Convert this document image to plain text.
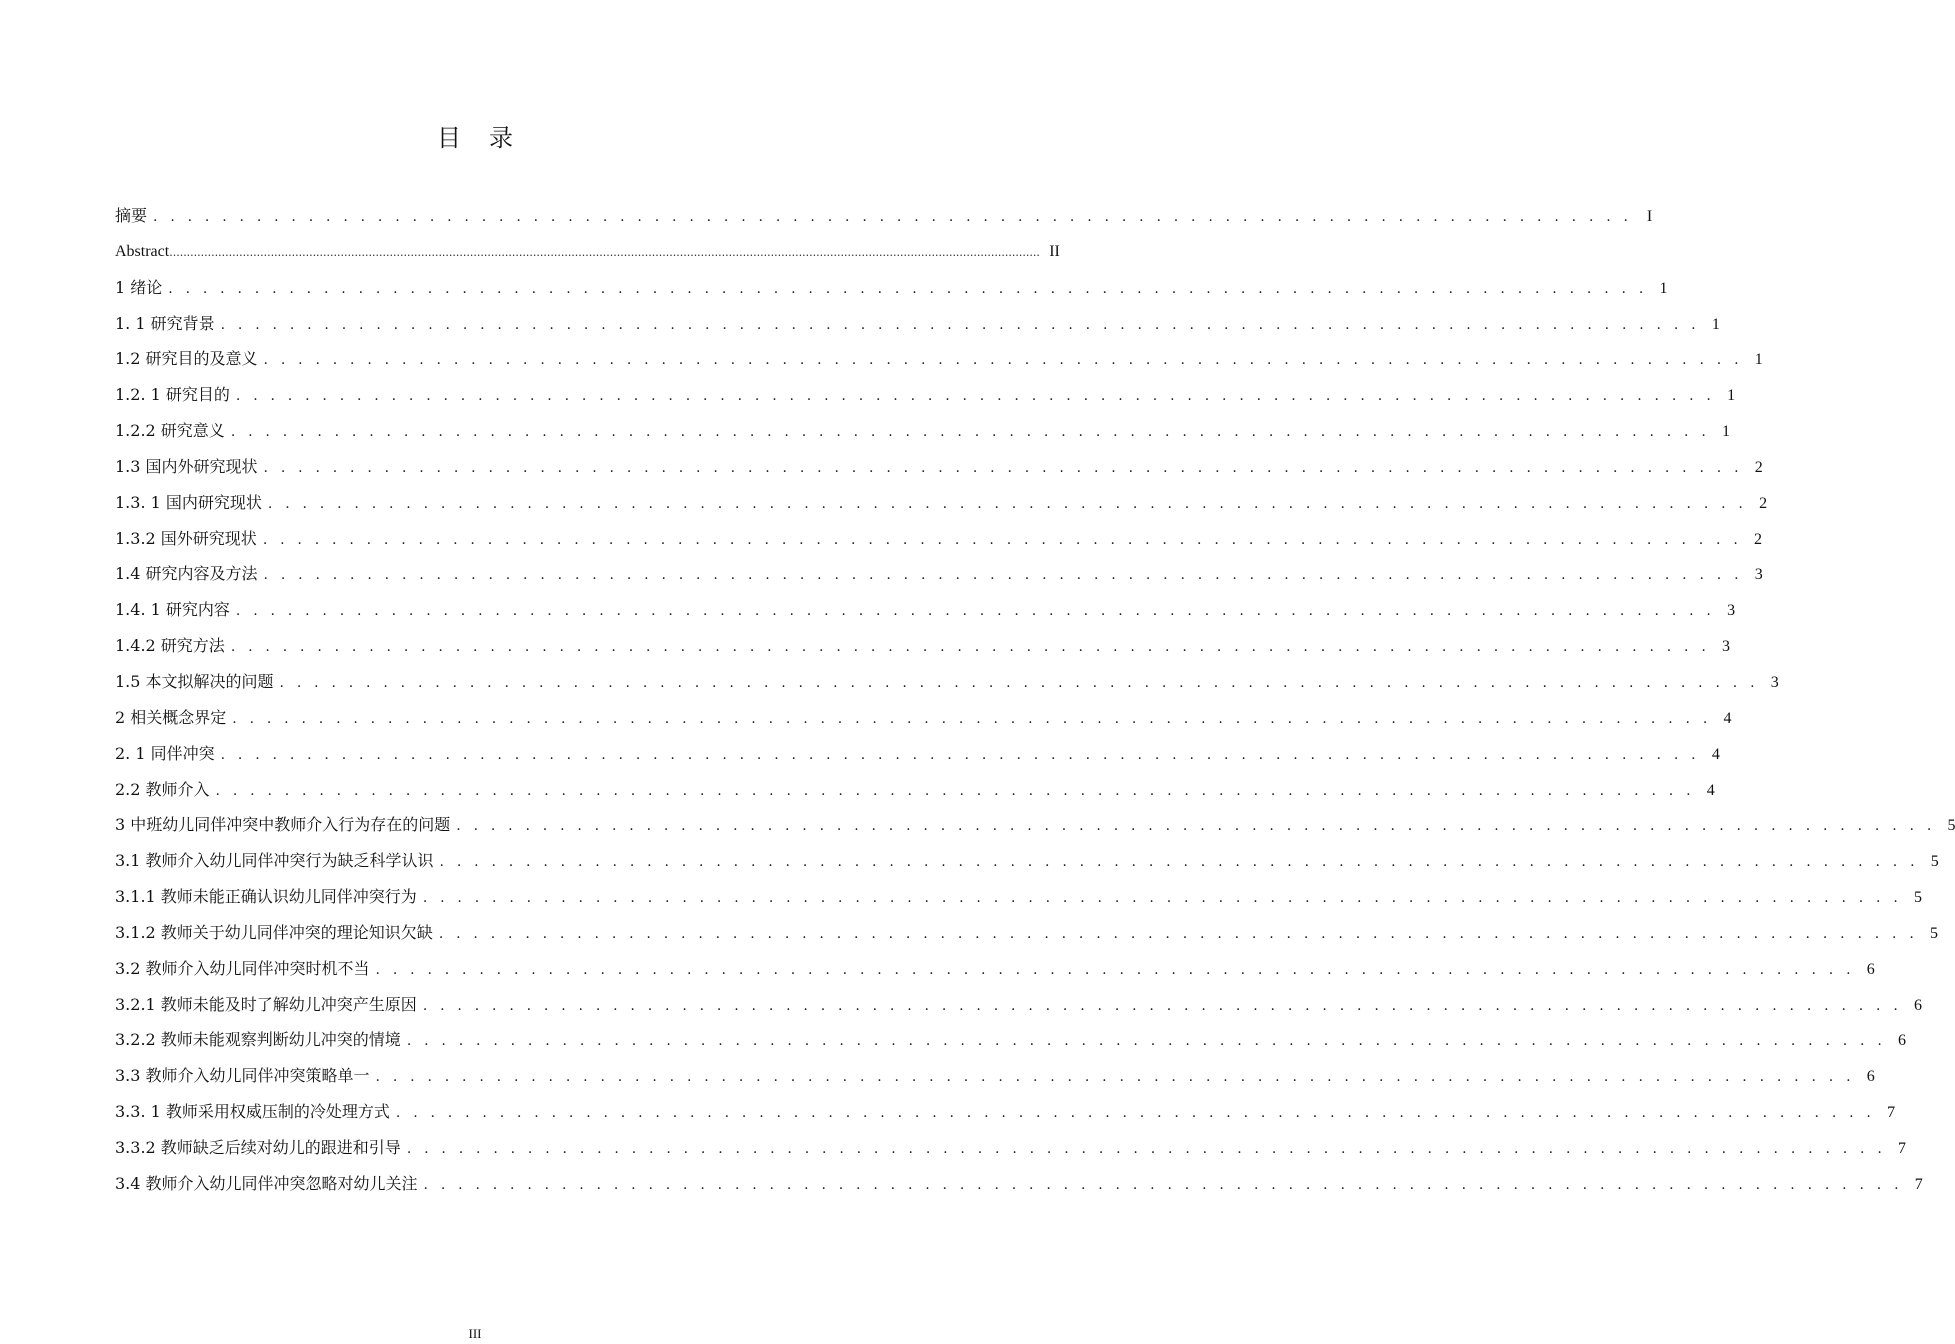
目录
摘要 . . . . . . . . . . . . . . . . . . . . . . . . . . . . . . . . . . . . . . . . . . . . . . . . . . . . . . . . . . . . . . . . . . . . . . . . . . . . . . . . . . . . . . I
Abstract ......................................................................................................................................................................................................................................................... II
1 绪论 . . . . . . . . . . . . . . . . . . . . . . . . . . . . . . . . . . . . . . . . . . . . . . . . . . . . . . . . . . . . . . . . . . . . . . . . . . . . . . . . . . . . . . 1
1. 1 研究背景 . . . . . . . . . . . . . . . . . . . . . . . . . . . . . . . . . . . . . . . . . . . . . . . . . . . . . . . . . . . . . . . . . . . . . . . . . . . . . . . . . . . . . . 1
1.2 研究目的及意义 . . . . . . . . . . . . . . . . . . . . . . . . . . . . . . . . . . . . . . . . . . . . . . . . . . . . . . . . . . . . . . . . . . . . . . . . . . . . . . . . . . . . . . 1
1.2. 1 研究目的 . . . . . . . . . . . . . . . . . . . . . . . . . . . . . . . . . . . . . . . . . . . . . . . . . . . . . . . . . . . . . . . . . . . . . . . . . . . . . . . . . . . . . . 1
1.2.2 研究意义 . . . . . . . . . . . . . . . . . . . . . . . . . . . . . . . . . . . . . . . . . . . . . . . . . . . . . . . . . . . . . . . . . . . . . . . . . . . . . . . . . . . . . . 1
1.3 国内外研究现状 . . . . . . . . . . . . . . . . . . . . . . . . . . . . . . . . . . . . . . . . . . . . . . . . . . . . . . . . . . . . . . . . . . . . . . . . . . . . . . . . . . . . . . 2
1.3. 1 国内研究现状 . . . . . . . . . . . . . . . . . . . . . . . . . . . . . . . . . . . . . . . . . . . . . . . . . . . . . . . . . . . . . . . . . . . . . . . . . . . . . . . . . . . . . . 2
1.3.2 国外研究现状 . . . . . . . . . . . . . . . . . . . . . . . . . . . . . . . . . . . . . . . . . . . . . . . . . . . . . . . . . . . . . . . . . . . . . . . . . . . . . . . . . . . . . . 2
1.4 研究内容及方法 . . . . . . . . . . . . . . . . . . . . . . . . . . . . . . . . . . . . . . . . . . . . . . . . . . . . . . . . . . . . . . . . . . . . . . . . . . . . . . . . . . . . . . 3
1.4. 1 研究内容 . . . . . . . . . . . . . . . . . . . . . . . . . . . . . . . . . . . . . . . . . . . . . . . . . . . . . . . . . . . . . . . . . . . . . . . . . . . . . . . . . . . . . . 3
1.4.2 研究方法 . . . . . . . . . . . . . . . . . . . . . . . . . . . . . . . . . . . . . . . . . . . . . . . . . . . . . . . . . . . . . . . . . . . . . . . . . . . . . . . . . . . . . . 3
1.5 本文拟解决的问题 . . . . . . . . . . . . . . . . . . . . . . . . . . . . . . . . . . . . . . . . . . . . . . . . . . . . . . . . . . . . . . . . . . . . . . . . . . . . . . . . . . . . . . 3
2 相关概念界定 . . . . . . . . . . . . . . . . . . . . . . . . . . . . . . . . . . . . . . . . . . . . . . . . . . . . . . . . . . . . . . . . . . . . . . . . . . . . . . . . . . . . . . 4
2. 1 同伴冲突 . . . . . . . . . . . . . . . . . . . . . . . . . . . . . . . . . . . . . . . . . . . . . . . . . . . . . . . . . . . . . . . . . . . . . . . . . . . . . . . . . . . . . . 4
2.2 教师介入 . . . . . . . . . . . . . . . . . . . . . . . . . . . . . . . . . . . . . . . . . . . . . . . . . . . . . . . . . . . . . . . . . . . . . . . . . . . . . . . . . . . . . . 4
3 中班幼儿同伴冲突中教师介入行为存在的问题 . . . . . . . . . . . . . . . . . . . . . . . . . . . . . . . . . . . . . . . . . . . . . . . . . . . . . . . . . . . . . . . . . . . . . . . . . . . . . . . . . . . . . . 5
3.1 教师介入幼儿同伴冲突行为缺乏科学认识 . . . . . . . . . . . . . . . . . . . . . . . . . . . . . . . . . . . . . . . . . . . . . . . . . . . . . . . . . . . . . . . . . . . . . . . . . . . . . . . . . . . . . . 5
3.1.1 教师未能正确认识幼儿同伴冲突行为 . . . . . . . . . . . . . . . . . . . . . . . . . . . . . . . . . . . . . . . . . . . . . . . . . . . . . . . . . . . . . . . . . . . . . . . . . . . . . . . . . . . . . . 5
3.1.2 教师关于幼儿同伴冲突的理论知识欠缺 . . . . . . . . . . . . . . . . . . . . . . . . . . . . . . . . . . . . . . . . . . . . . . . . . . . . . . . . . . . . . . . . . . . . . . . . . . . . . . . . . . . . . . 5
3.2 教师介入幼儿同伴冲突时机不当 . . . . . . . . . . . . . . . . . . . . . . . . . . . . . . . . . . . . . . . . . . . . . . . . . . . . . . . . . . . . . . . . . . . . . . . . . . . . . . . . . . . . . . 6
3.2.1 教师未能及时了解幼儿冲突产生原因 . . . . . . . . . . . . . . . . . . . . . . . . . . . . . . . . . . . . . . . . . . . . . . . . . . . . . . . . . . . . . . . . . . . . . . . . . . . . . . . . . . . . . . 6
3.2.2 教师未能观察判断幼儿冲突的情境 . . . . . . . . . . . . . . . . . . . . . . . . . . . . . . . . . . . . . . . . . . . . . . . . . . . . . . . . . . . . . . . . . . . . . . . . . . . . . . . . . . . . . . 6
3.3 教师介入幼儿同伴冲突策略单一 . . . . . . . . . . . . . . . . . . . . . . . . . . . . . . . . . . . . . . . . . . . . . . . . . . . . . . . . . . . . . . . . . . . . . . . . . . . . . . . . . . . . . . 6
3.3. 1 教师采用权威压制的冷处理方式 . . . . . . . . . . . . . . . . . . . . . . . . . . . . . . . . . . . . . . . . . . . . . . . . . . . . . . . . . . . . . . . . . . . . . . . . . . . . . . . . . . . . . . 7
3.3.2 教师缺乏后续对幼儿的跟进和引导 . . . . . . . . . . . . . . . . . . . . . . . . . . . . . . . . . . . . . . . . . . . . . . . . . . . . . . . . . . . . . . . . . . . . . . . . . . . . . . . . . . . . . . 7
3.4 教师介入幼儿同伴冲突忽略对幼儿关注 . . . . . . . . . . . . . . . . . . . . . . . . . . . . . . . . . . . . . . . . . . . . . . . . . . . . . . . . . . . . . . . . . . . . . . . . . . . . . . . . . . . . . . 7
III
